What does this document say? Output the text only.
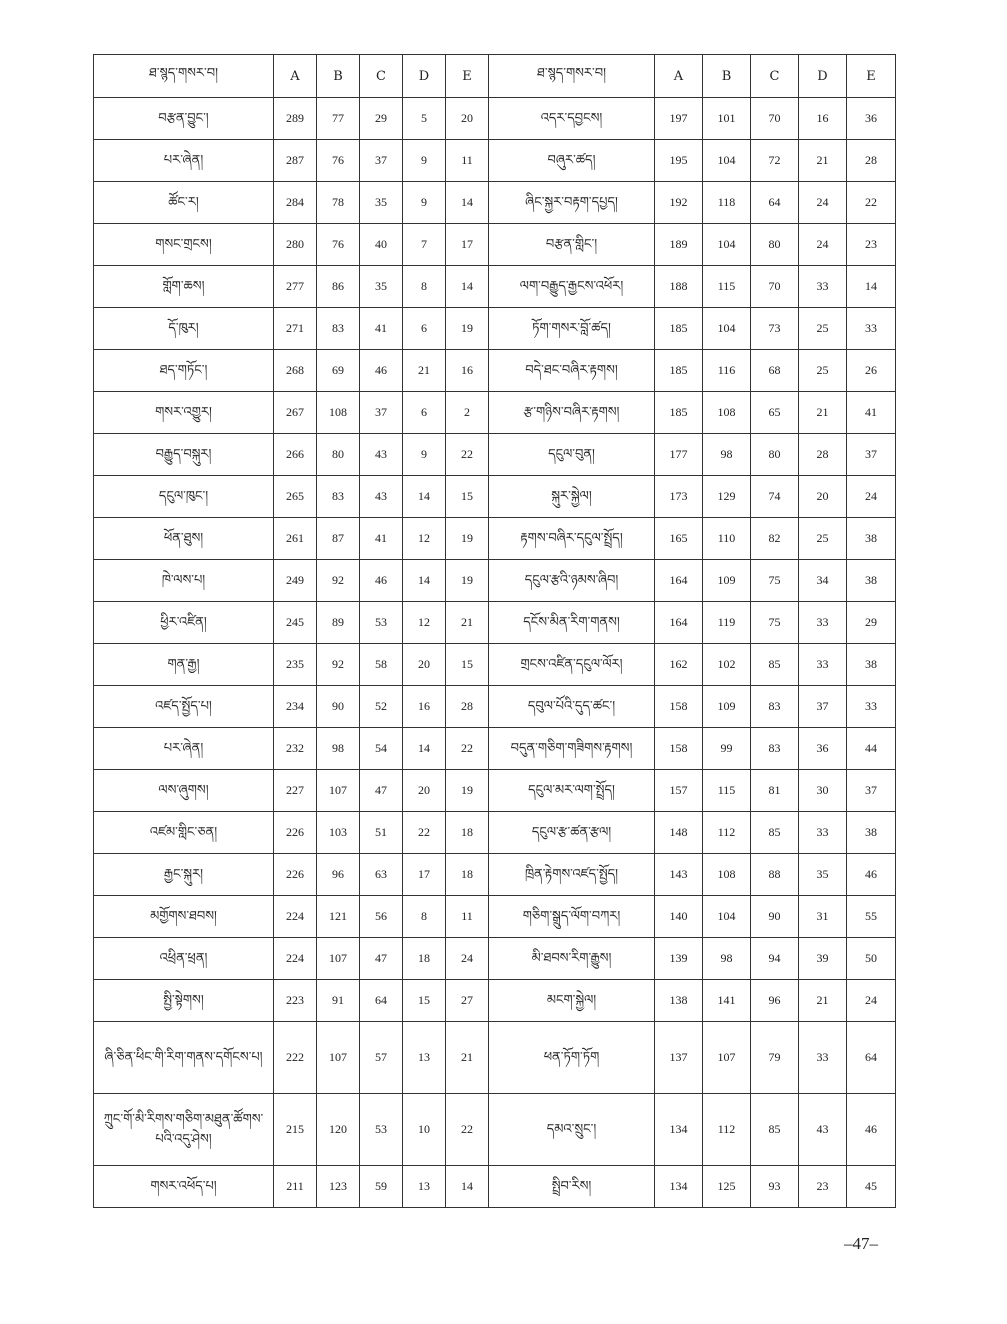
ཐ་སྙད་གསར་བ།	A	B	C	D	E	ཐ་སྙད་གསར་བ།	A	B	C	D	E
བརྩན་བྱུང་།	289	77	29	5	20	འདར་དབྱངས།	197	101	70	16	36
པར་ཞེན།	287	76	37	9	11	བཞུར་ཚད།	195	104	72	21	28
ཚོང་ར།	284	78	35	9	14	ཞིང་སྐྱར་བརྟག་དཔྱད།	192	118	64	24	22
གསང་གྲངས།	280	76	40	7	17	བརྩན་གླིང་།	189	104	80	24	23
གློག་ཆས།	277	86	35	8	14	ལག་བརྒྱུད་རྒྱངས་འཕོར།	188	115	70	33	14
དོ་ཁུར།	271	83	41	6	19	ཏོག་གསར་བློ་ཚད།	185	104	73	25	33
ཐད་གཏོང་།	268	69	46	21	16	བདེ་ཐང་བཞིར་རྟགས།	185	116	68	25	26
གསར་འགྱུར།	267	108	37	6	2	རྩ་གཉིས་བཞིར་རྟགས།	185	108	65	21	41
བརྒྱུད་བསྐུར།	266	80	43	9	22	དངུལ་བུན།	177	98	80	28	37
དངུལ་ཁུང་།	265	83	43	14	15	སྐུར་སྐྱེལ།	173	129	74	20	24
ཕོན་ཐུས།	261	87	41	12	19	རྟགས་བཞིར་དངུལ་སྤྲོད།	165	110	82	25	38
ཁེ་ལས་པ།	249	92	46	14	19	དངུལ་རྩའི་ཉམས་ཞིབ།	164	109	75	34	38
ཕྱིར་འཛིན།	245	89	53	12	21	དངོས་མིན་རིག་གནས།	164	119	75	33	29
གན་རྒྱ།	235	92	58	20	15	གྲངས་འཛིན་དངུལ་ལོར།	162	102	85	33	38
འཛད་སྤྱོད་པ།	234	90	52	16	28	དབུལ་པོའི་དུད་ཚང་།	158	109	83	37	33
པར་ཞེན།	232	98	54	14	22	བདུན་གཅིག་གཟིགས་རྟགས།	158	99	83	36	44
ལས་ཞུགས།	227	107	47	20	19	དངུལ་མར་ལག་སྤྲོད།	157	115	81	30	37
འཛམ་གླིང་ཅན།	226	103	51	22	18	དངུལ་རྩ་ཚན་རྩལ།	148	112	85	33	38
རྒྱང་སྐུར།	226	96	63	17	18	ཁྲིན་རྟེགས་འཛད་སྤྱོད།	143	108	88	35	46
མགྱོགས་ཐབས།	224	121	56	8	11	གཅིག་སྒྲུད་ལོག་བཀར།	140	104	90	31	55
འཕྲིན་ཕྲན།	224	107	47	18	24	མི་ཐབས་རིག་རྒྱུས།	139	98	94	39	50
སྤྱི་སྟེགས།	223	91	64	15	27	མངག་སྐྱེལ།	138	141	96	21	24
ཞི་ཅིན་ཕིང་གི་རིག་གནས་དགོངས་པ།	222	107	57	13	21	ཕན་ཏོག་ཏོག	137	107	79	33	64
ཀྲུང་གོ་མི་རིགས་གཅིག་མཐུན་ཚོགས་པའི་འདུ་ཤེས།	215	120	53	10	22	དམའ་སྲུང་།	134	112	85	43	46
གསར་འཕོད་པ།	211	123	59	13	14	སྤྲིབ་རིས།	134	125	93	23	45
–47–
